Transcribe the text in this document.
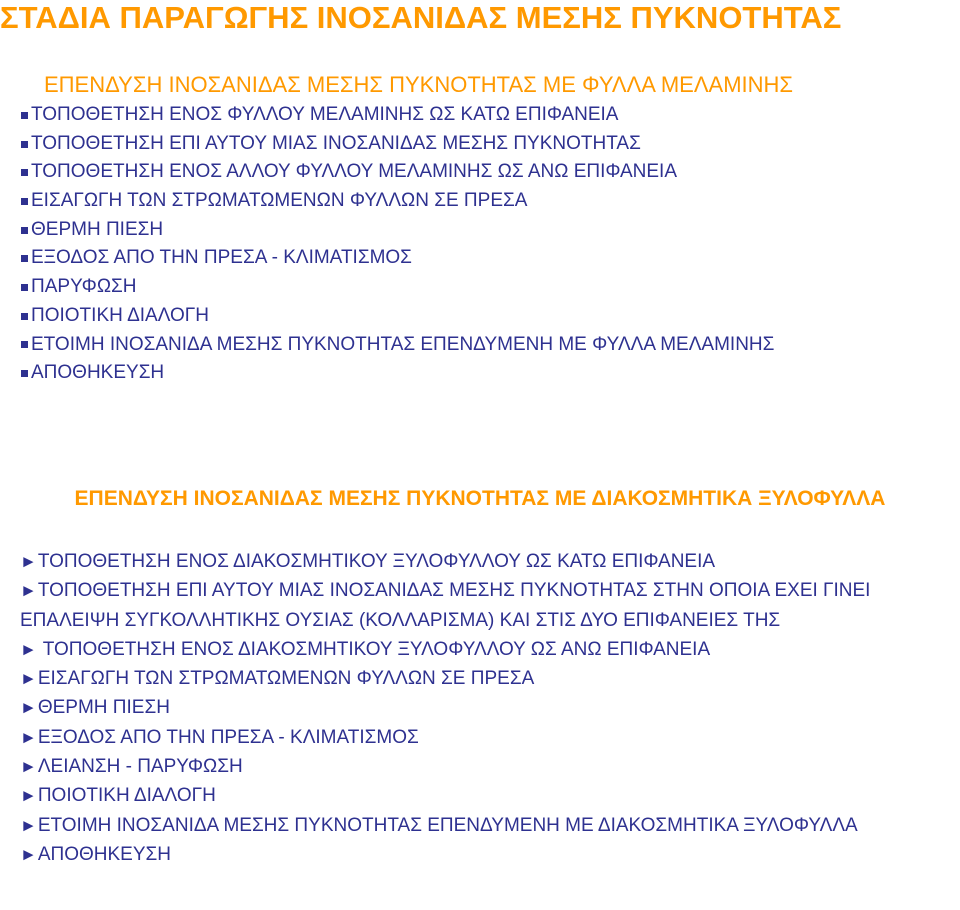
ΣΤΑΔΙΑ ΠΑΡΑΓΩΓΗΣ ΙΝΟΣΑΝΙΔΑΣ ΜΕΣΗΣ ΠΥΚΝΟΤΗΤΑΣ
ΕΠΕΝΔΥΣΗ ΙΝΟΣΑΝΙΔΑΣ ΜΕΣΗΣ ΠΥΚΝΟΤΗΤΑΣ ΜΕ ΦΥΛΛΑ ΜΕΛΑΜΙΝΗΣ
ΤΟΠΟΘΕΤΗΣΗ ΕΝΟΣ ΦΥΛΛΟΥ ΜΕΛΑΜΙΝΗΣ ΩΣ ΚΑΤΩ ΕΠΙΦΑΝΕΙΑ
ΤΟΠΟΘΕΤΗΣΗ ΕΠΙ ΑΥΤΟΥ ΜΙΑΣ ΙΝΟΣΑΝΙΔΑΣ ΜΕΣΗΣ ΠΥΚΝΟΤΗΤΑΣ
ΤΟΠΟΘΕΤΗΣΗ ΕΝΟΣ ΑΛΛΟΥ ΦΥΛΛΟΥ ΜΕΛΑΜΙΝΗΣ ΩΣ ΑΝΩ ΕΠΙΦΑΝΕΙΑ
ΕΙΣΑΓΩΓΗ ΤΩΝ ΣΤΡΩΜΑΤΩΜΕΝΩΝ ΦΥΛΛΩΝ ΣΕ ΠΡΕΣΑ
ΘΕΡΜΗ ΠΙΕΣΗ
ΕΞΟΔΟΣ ΑΠΟ ΤΗΝ ΠΡΕΣΑ - ΚΛΙΜΑΤΙΣΜΟΣ
ΠΑΡΥΦΩΣΗ
ΠΟΙΟΤΙΚΗ ΔΙΑΛΟΓΗ
ΕΤΟΙΜΗ ΙΝΟΣΑΝΙΔΑ ΜΕΣΗΣ ΠΥΚΝΟΤΗΤΑΣ ΕΠΕΝΔΥΜΕΝΗ ΜΕ ΦΥΛΛΑ ΜΕΛΑΜΙΝΗΣ
ΑΠΟΘΗΚΕΥΣΗ
ΕΠΕΝΔΥΣΗ ΙΝΟΣΑΝΙΔΑΣ ΜΕΣΗΣ ΠΥΚΝΟΤΗΤΑΣ ΜΕ ΔΙΑΚΟΣΜΗΤΙΚΑ ΞΥΛΟΦΥΛΛΑ
►ΤΟΠΟΘΕΤΗΣΗ ΕΝΟΣ ΔΙΑΚΟΣΜΗΤΙΚΟΥ ΞΥΛΟΦΥΛΛΟΥ ΩΣ ΚΑΤΩ ΕΠΙΦΑΝΕΙΑ
►ΤΟΠΟΘΕΤΗΣΗ ΕΠΙ ΑΥΤΟΥ ΜΙΑΣ ΙΝΟΣΑΝΙΔΑΣ ΜΕΣΗΣ ΠΥΚΝΟΤΗΤΑΣ ΣΤΗΝ ΟΠΟΙΑ ΕΧΕΙ ΓΙΝΕΙ ΕΠΑΛΕΙΨΗ ΣΥΓΚΟΛΛΗΤΙΚΗΣ ΟΥΣΙΑΣ (ΚΟΛΛΑΡΙΣΜΑ) ΚΑΙ ΣΤΙΣ ΔΥΟ ΕΠΙΦΑΝΕΙΕΣ ΤΗΣ
► ΤΟΠΟΘΕΤΗΣΗ ΕΝΟΣ ΔΙΑΚΟΣΜΗΤΙΚΟΥ ΞΥΛΟΦΥΛΛΟΥ ΩΣ ΑΝΩ ΕΠΙΦΑΝΕΙΑ
►ΕΙΣΑΓΩΓΗ ΤΩΝ ΣΤΡΩΜΑΤΩΜΕΝΩΝ ΦΥΛΛΩΝ ΣΕ ΠΡΕΣΑ
►ΘΕΡΜΗ ΠΙΕΣΗ
►ΕΞΟΔΟΣ ΑΠΟ ΤΗΝ ΠΡΕΣΑ - ΚΛΙΜΑΤΙΣΜΟΣ
►ΛΕΙΑΝΣΗ - ΠΑΡΥΦΩΣΗ
►ΠΟΙΟΤΙΚΗ ΔΙΑΛΟΓΗ
►ΕΤΟΙΜΗ ΙΝΟΣΑΝΙΔΑ ΜΕΣΗΣ ΠΥΚΝΟΤΗΤΑΣ ΕΠΕΝΔΥΜΕΝΗ ΜΕ ΔΙΑΚΟΣΜΗΤΙΚΑ ΞΥΛΟΦΥΛΛΑ
►ΑΠΟΘΗΚΕΥΣΗ
